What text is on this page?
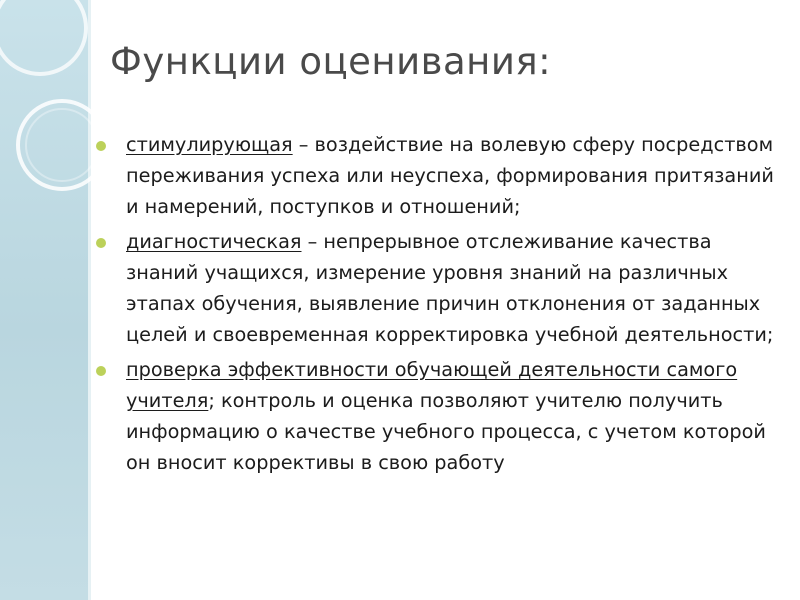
Функции оценивания:
стимулирующая – воздействие на волевую сферу посредством переживания успеха или неуспеха, формирования притязаний и намерений, поступков и отношений;
диагностическая – непрерывное отслеживание качества знаний учащихся, измерение уровня знаний на различных этапах обучения, выявление причин отклонения от заданных целей и своевременная корректировка учебной деятельности;
проверка эффективности обучающей деятельности самого учителя; контроль и оценка позволяют учителю получить информацию о качестве учебного процесса, с учетом которой он вносит коррективы в свою работу
